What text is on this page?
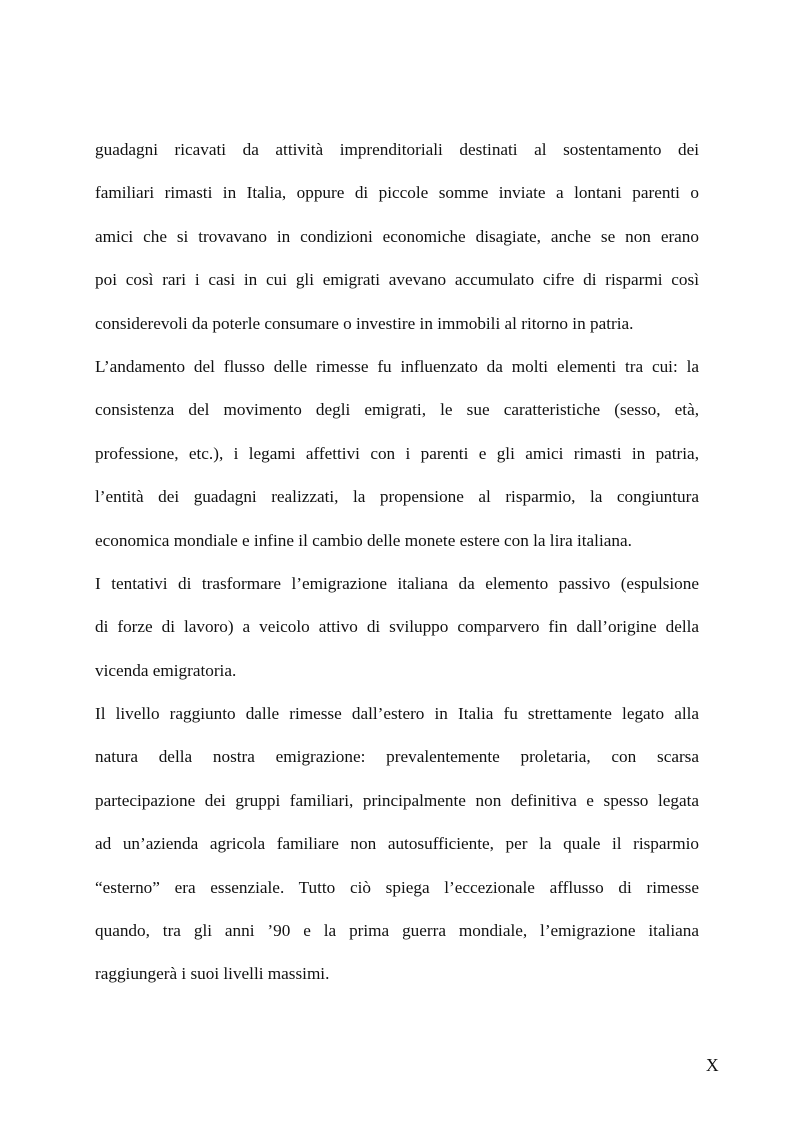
guadagni ricavati da attività imprenditoriali destinati al sostentamento dei
familiari rimasti in Italia, oppure di piccole somme inviate a lontani parenti o
amici che si trovavano in condizioni economiche disagiate, anche se non erano
poi così rari i casi in cui gli emigrati avevano accumulato cifre di risparmi così
considerevoli da poterle consumare o investire in immobili al ritorno in patria.
L’andamento del flusso delle rimesse fu influenzato da molti elementi tra cui: la
consistenza del movimento degli emigrati, le sue caratteristiche (sesso, età,
professione, etc.), i legami affettivi con i parenti e gli amici rimasti in patria,
l’entità dei guadagni realizzati, la propensione al risparmio, la congiuntura
economica mondiale e infine il cambio delle monete estere con la lira italiana.
I tentativi di trasformare l’emigrazione italiana da elemento passivo (espulsione
di forze di lavoro) a veicolo attivo di sviluppo comparvero fin dall’origine della
vicenda emigratoria.
Il livello raggiunto dalle rimesse dall’estero in Italia fu strettamente legato alla
natura della nostra emigrazione: prevalentemente proletaria, con scarsa
partecipazione dei gruppi familiari, principalmente non definitiva e spesso legata
ad un’azienda agricola familiare non autosufficiente, per la quale il risparmio
“esterno” era essenziale. Tutto ciò spiega l’eccezionale afflusso di rimesse
quando, tra gli anni ’90 e la prima guerra mondiale, l’emigrazione italiana
raggiungerà i suoi livelli massimi.
X
